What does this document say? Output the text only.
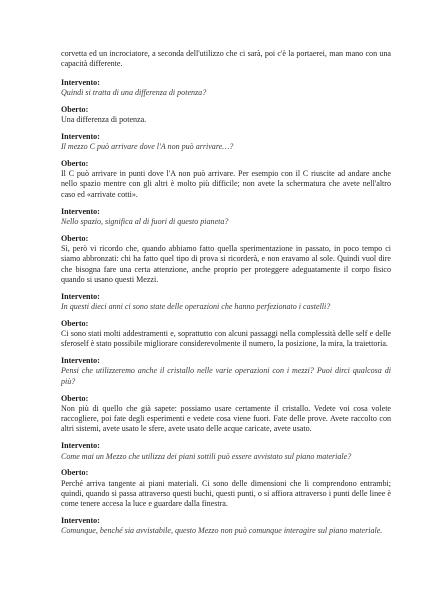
corvetta ed un incrociatore, a seconda dell'utilizzo che ci sarà, poi c'è la portaerei, man mano con una capacità differente.

Intervento:

Quindi si tratta di una differenza di potenza?

Oberto:

Una differenza di potenza.

Intervento:

Il mezzo C può arrivare dove l'A non può arrivare…?

Oberto:

Il C può arrivare in punti dove l'A non può arrivare. Per esempio con il C riuscite ad andare anche nello spazio mentre con gli altri è molto più difficile; non avete la schermatura che avete nell'altro caso ed «arrivate cotti».

Intervento:

Nello spazio, significa al di fuori di questo pianeta?

Oberto:

Sì, però vi ricordo che, quando abbiamo fatto quella sperimentazione in passato, in poco tempo ci siamo abbronzati: chi ha fatto quel tipo di prova si ricorderà, e non eravamo al sole. Quindi vuol dire che bisogna fare una certa attenzione, anche proprio per proteggere adeguatamente il corpo fisico quando si usano questi Mezzi.

Intervento:

In questi dieci anni ci sono state delle operazioni che hanno perfezionato i castelli?

Oberto:

Ci sono stati molti addestramenti e, soprattutto con alcuni passaggi nella complessità delle self e delle sferoself è stato possibile migliorare considerevolmente il numero, la posizione, la mira, la traiettoria.

Intervento:

Pensi che utilizzeremo anche il cristallo nelle varie operazioni con i mezzi? Puoi dirci qualcosa di più?

Oberto:

Non più di quello che già sapete: possiamo usare certamente il cristallo. Vedete voi cosa volete raccogliere, poi fate degli esperimenti e vedete cosa viene fuori. Fate delle prove. Avete raccolto con altri sistemi, avete usato le sfere, avete usato delle acque caricate, avete usato.

Intervento:

Come mai un Mezzo che utilizza dei piani sottili può essere avvistato sul piano materiale?

Oberto:

Perché arriva tangente ai piani materiali. Ci sono delle dimensioni che li comprendono entrambi; quindi, quando si passa attraverso questi buchi, questi punti, o si affiora attraverso i punti delle linee è come tenere accesa la luce e guardare dalla finestra.

Intervento:

Comunque, benché sia avvistabile, questo Mezzo non può comunque interagire sul piano materiale.
